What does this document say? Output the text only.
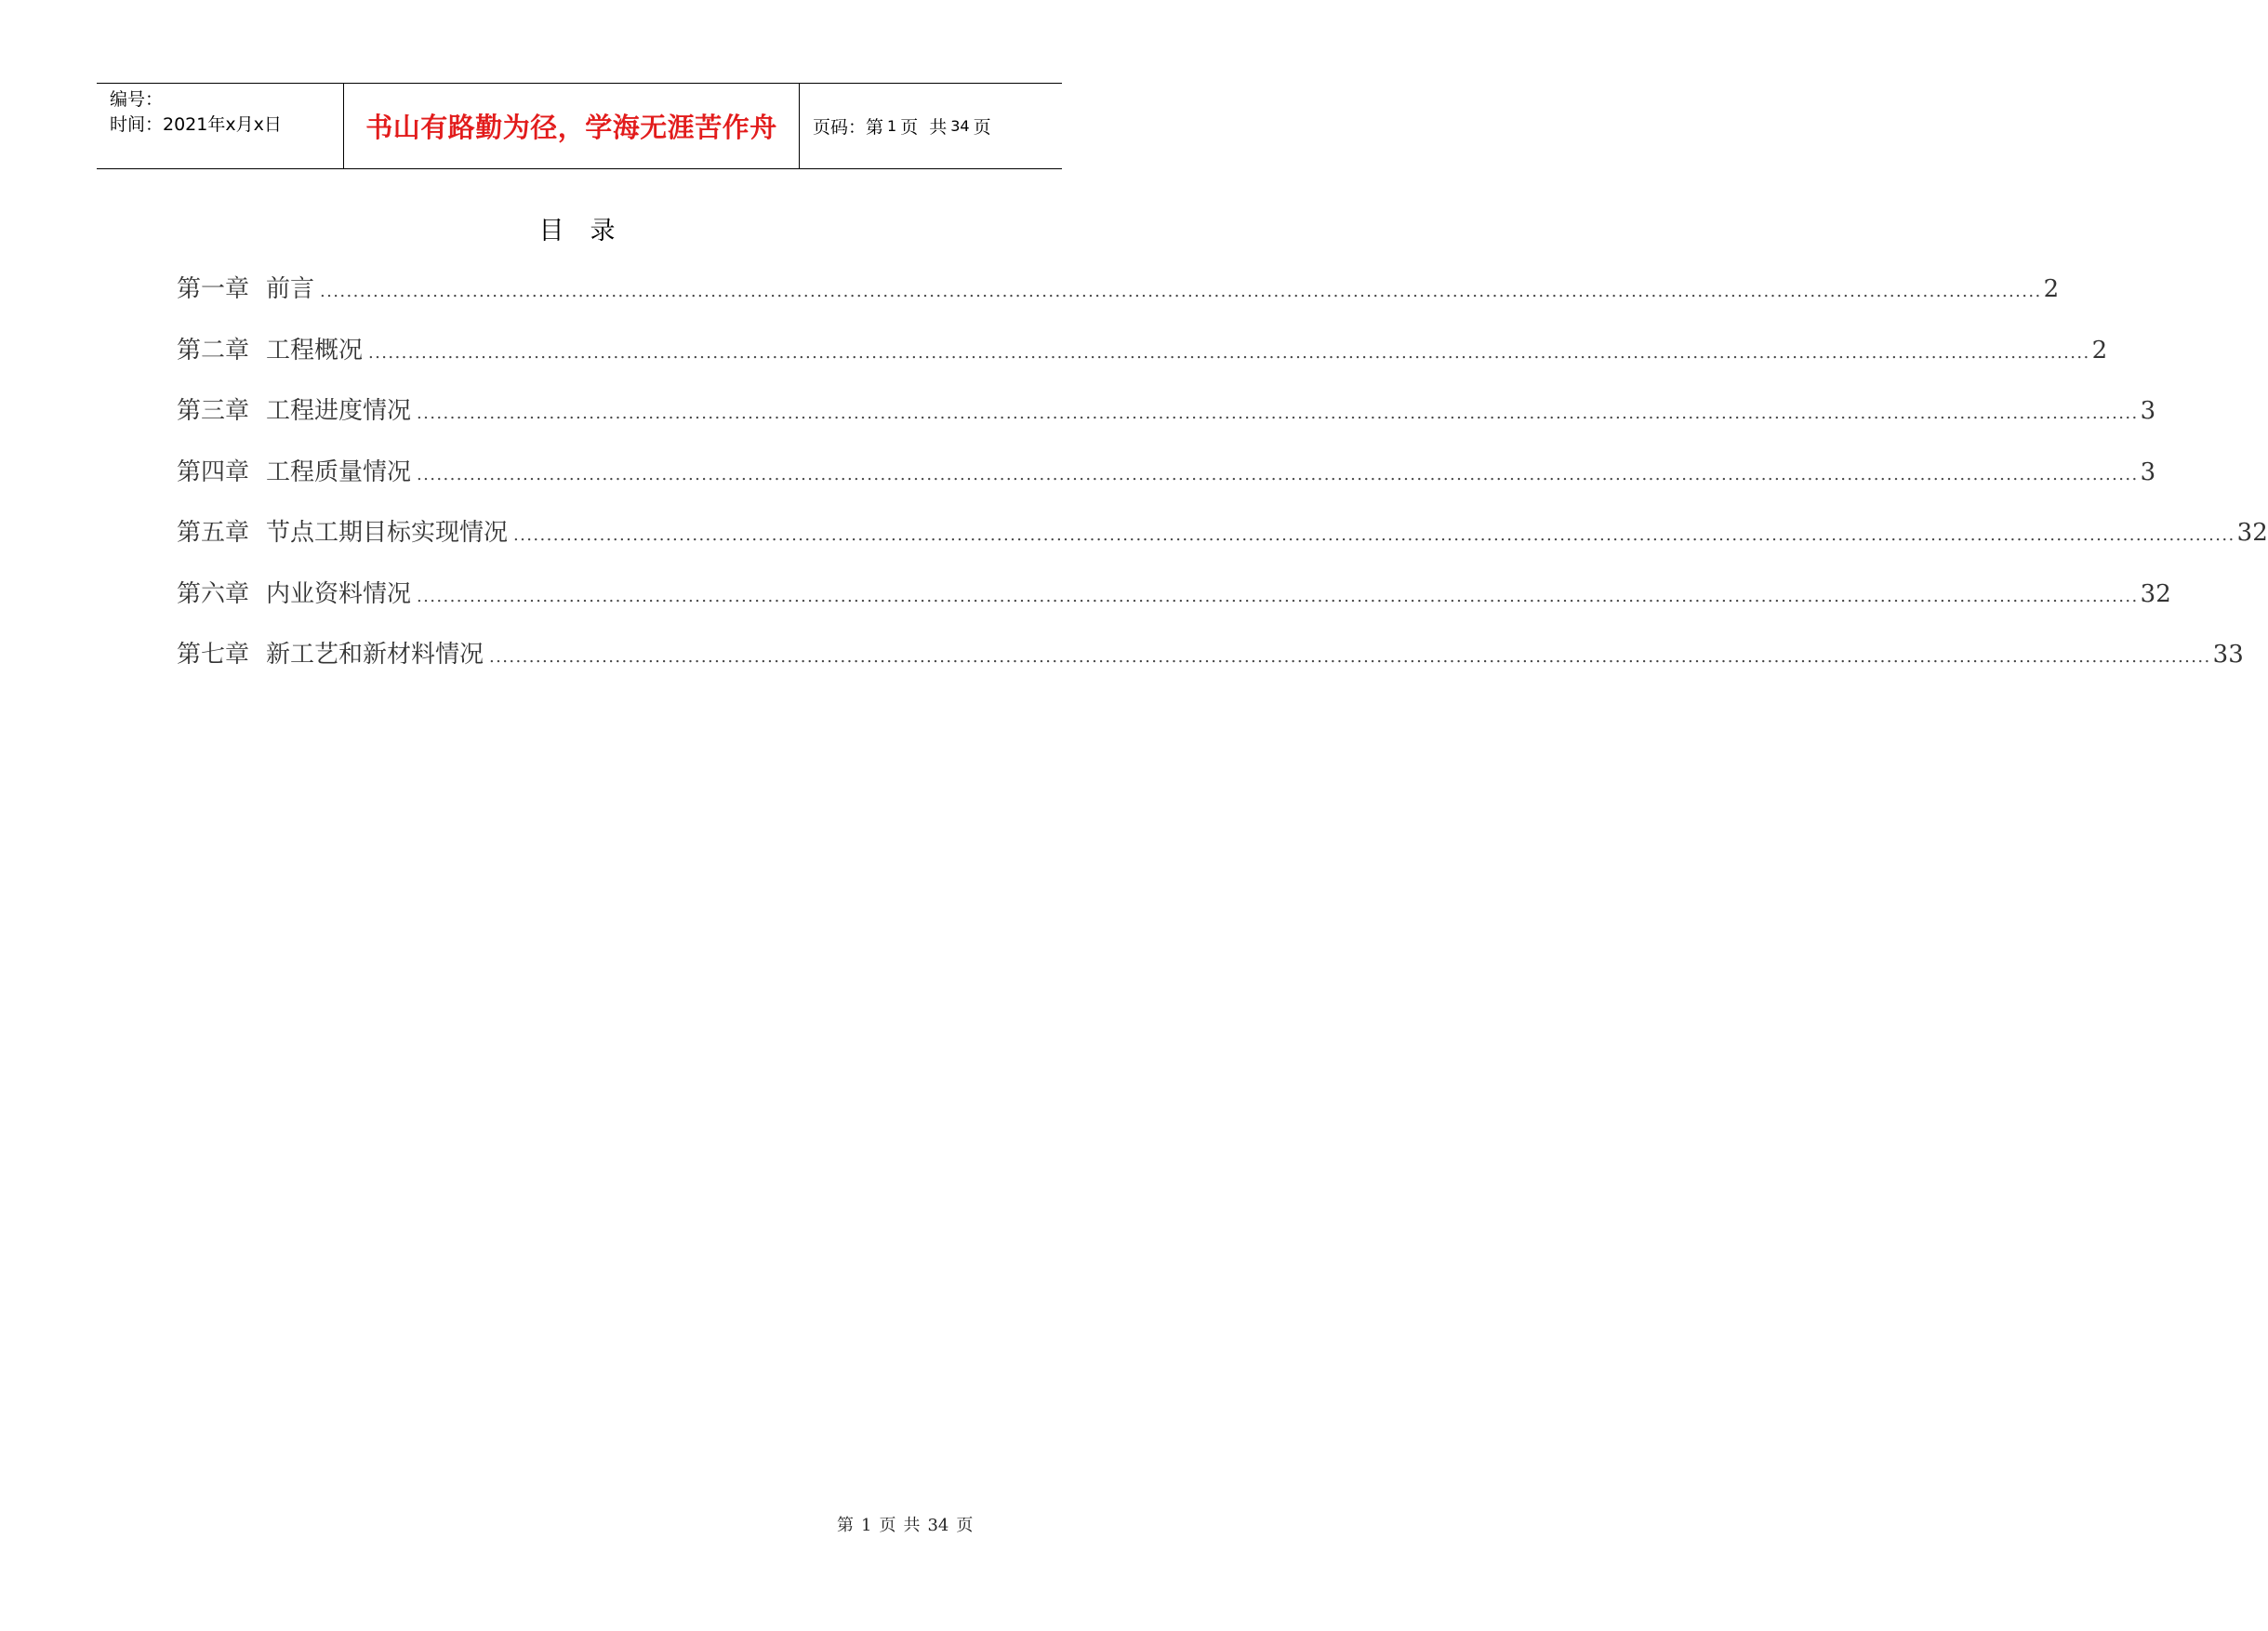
编号：
时间：2021年x月x日	书山有路勤为径，学海无涯苦作舟 页码：第 1 页 共 34 页
目录
第一章 前言 .................................................................................................................................................................................................................................................................... 2
第二章 工程概况 .................................................................................................................................................................................................................................................................... 2
第三章 工程进度情况 .................................................................................................................................................................................................................................................................... 3
第四章 工程质量情况 .................................................................................................................................................................................................................................................................... 3
第五章 节点工期目标实现情况 .................................................................................................................................................................................................................................................................... 32
第六章 内业资料情况 .................................................................................................................................................................................................................................................................... 32
第七章 新工艺和新材料情况 .................................................................................................................................................................................................................................................................... 33
第 1 页 共 34 页
